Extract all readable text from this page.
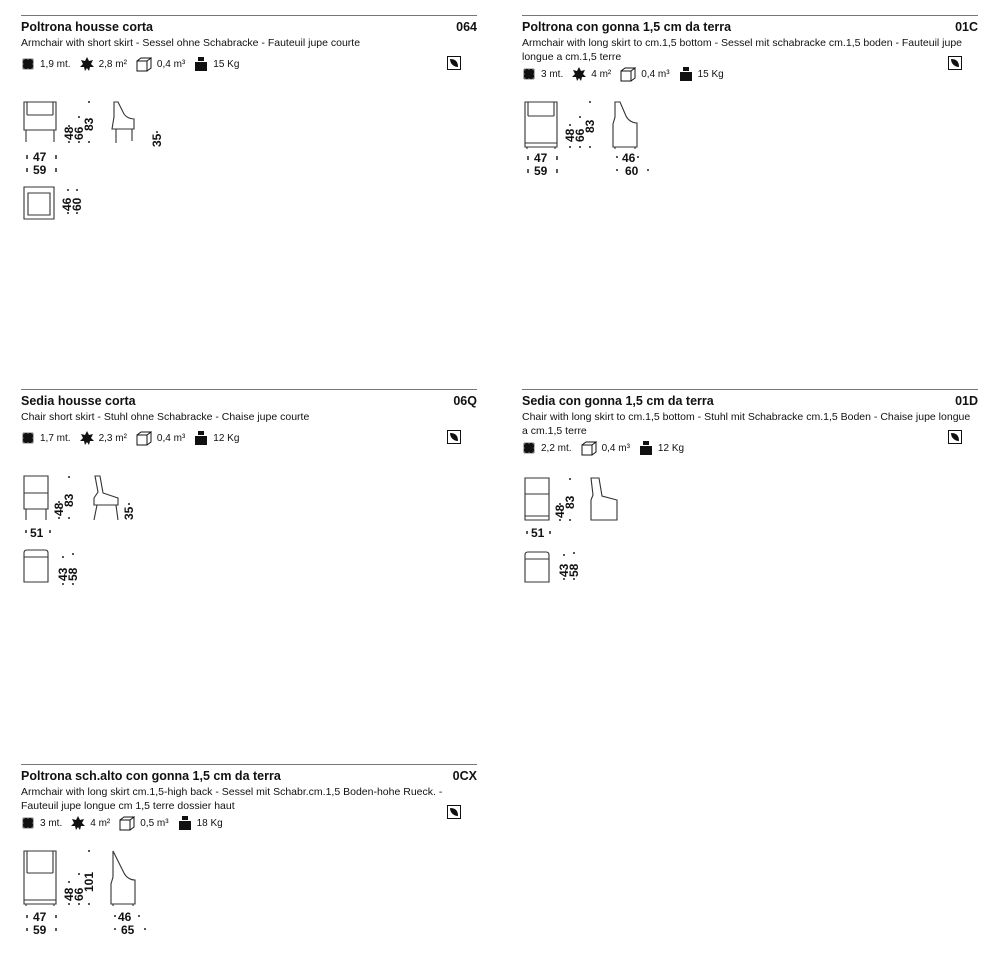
Poltrona housse corta	064
Armchair with short skirt - Sessel ohne Schabracke - Fauteuil jupe courte
1,9 mt.	2,8 m²	0,4 m³	15 Kg
47
59
48
66
83
35
46
60
Poltrona con gonna 1,5 cm da terra	01C
Armchair with long skirt to cm.1,5 bottom - Sessel mit schabracke cm.1,5 boden - Fauteuil jupe longue a cm.1,5 terre
3 mt.	4 m²	0,4 m³	15 Kg
47
59
48
66
83
46
60
Sedia housse corta	06Q
Chair short skirt - Stuhl ohne Schabracke - Chaise jupe courte
1,7 mt.	2,3 m²	0,4 m³	12 Kg
51
48
83
35
43
58
Sedia con gonna 1,5 cm da terra	01D
Chair with long skirt to cm.1,5 bottom - Stuhl mit Schabracke cm.1,5 Boden - Chaise jupe longue a cm.1,5 terre
2,2 mt.	0,4 m³	12 Kg
51
48
83
43
58
Poltrona sch.alto con gonna 1,5 cm da terra	0CX
Armchair with long skirt cm.1,5-high back - Sessel mit Schabr.cm.1,5 Boden-hohe Rueck. - Fauteuil jupe longue cm 1,5 terre dossier haut
3 mt.	4 m²	0,5 m³	18 Kg
47
59
48
66
101
46
65
